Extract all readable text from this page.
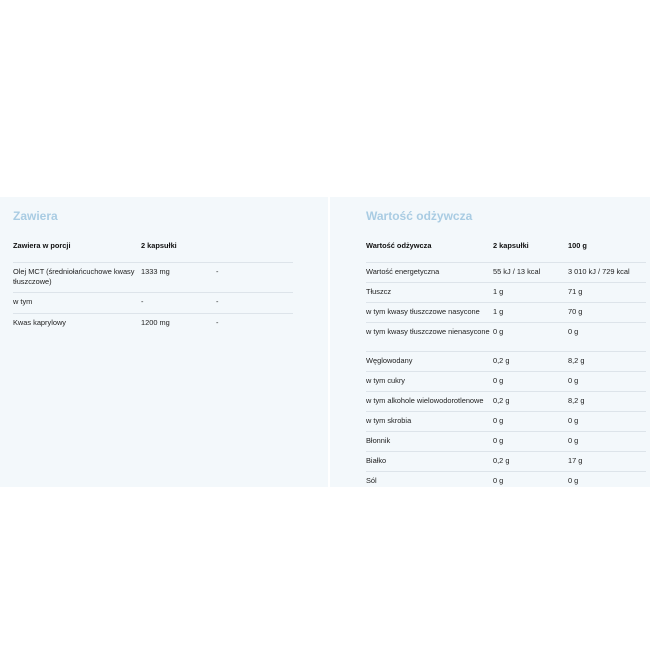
Zawiera
Zawiera w porcji	2 kapsułki	
Olej MCT (średniołańcuchowe kwasy tłuszczowe)	1333 mg	-
w tym	-	-
Kwas kaprylowy	1200 mg	-
Wartość odżywcza
Wartość odżywcza	2 kapsułki	100 g
Wartość energetyczna	55 kJ / 13 kcal	3 010 kJ / 729 kcal
Tłuszcz	1 g	71 g
w tym kwasy tłuszczowe nasycone	1 g	70 g
w tym kwasy tłuszczowe nienasycone	0 g	0 g
Węglowodany	0,2 g	8,2 g
w tym cukry	0 g	0 g
w tym alkohole wielowodorotlenowe	0,2 g	8,2 g
w tym skrobia	0 g	0 g
Błonnik	0 g	0 g
Białko	0,2 g	17 g
Sól	0 g	0 g
